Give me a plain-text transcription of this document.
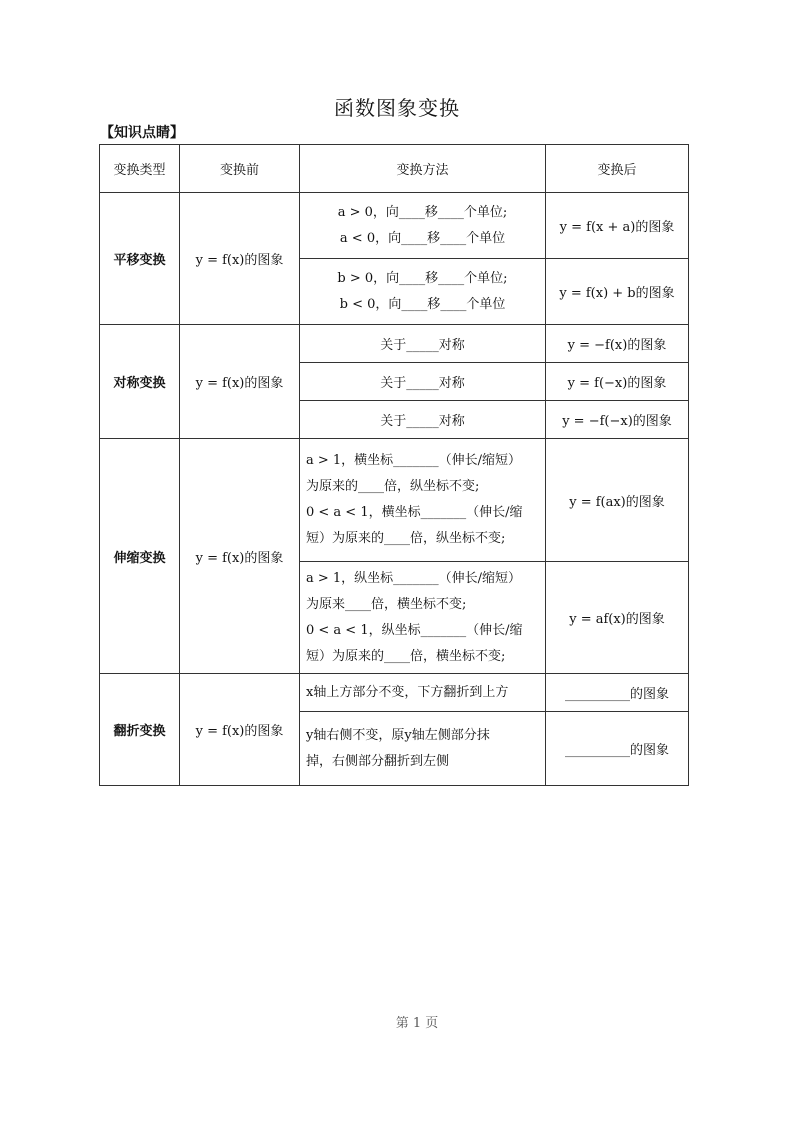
函数图象变换
【知识点睛】
变换类型	变换前	变换方法	变换后
平移变换	y = f(x)的图象	a > 0，向____移____个单位;
a < 0，向____移____个单位	y = f(x + a)的图象

		b > 0，向____移____个单位;
b < 0，向____移____个单位	y = f(x) + b的图象
对称变换	y = f(x)的图象	关于_____对称	y = −f(x)的图象
		关于_____对称	y = f(−x)的图象
		关于_____对称	y = −f(−x)的图象
伸缩变换	y = f(x)的图象	a > 1，横坐标_______（伸长/缩短）
为原来的____倍，纵坐标不变;
0 < a < 1，横坐标_______（伸长/缩
短）为原来的____倍，纵坐标不变;	y = f(ax)的图象

		a > 1，纵坐标_______（伸长/缩短）
为原来____倍，横坐标不变;
0 < a < 1，纵坐标_______（伸长/缩
短）为原来的____倍，横坐标不变;	y = af(x)的图象
翻折变换	y = f(x)的图象	x轴上方部分不变，下方翻折到上方	__________的图象

		y轴右侧不变，原y轴左侧部分抹
掉，右侧部分翻折到左侧	__________的图象
第 1 页
